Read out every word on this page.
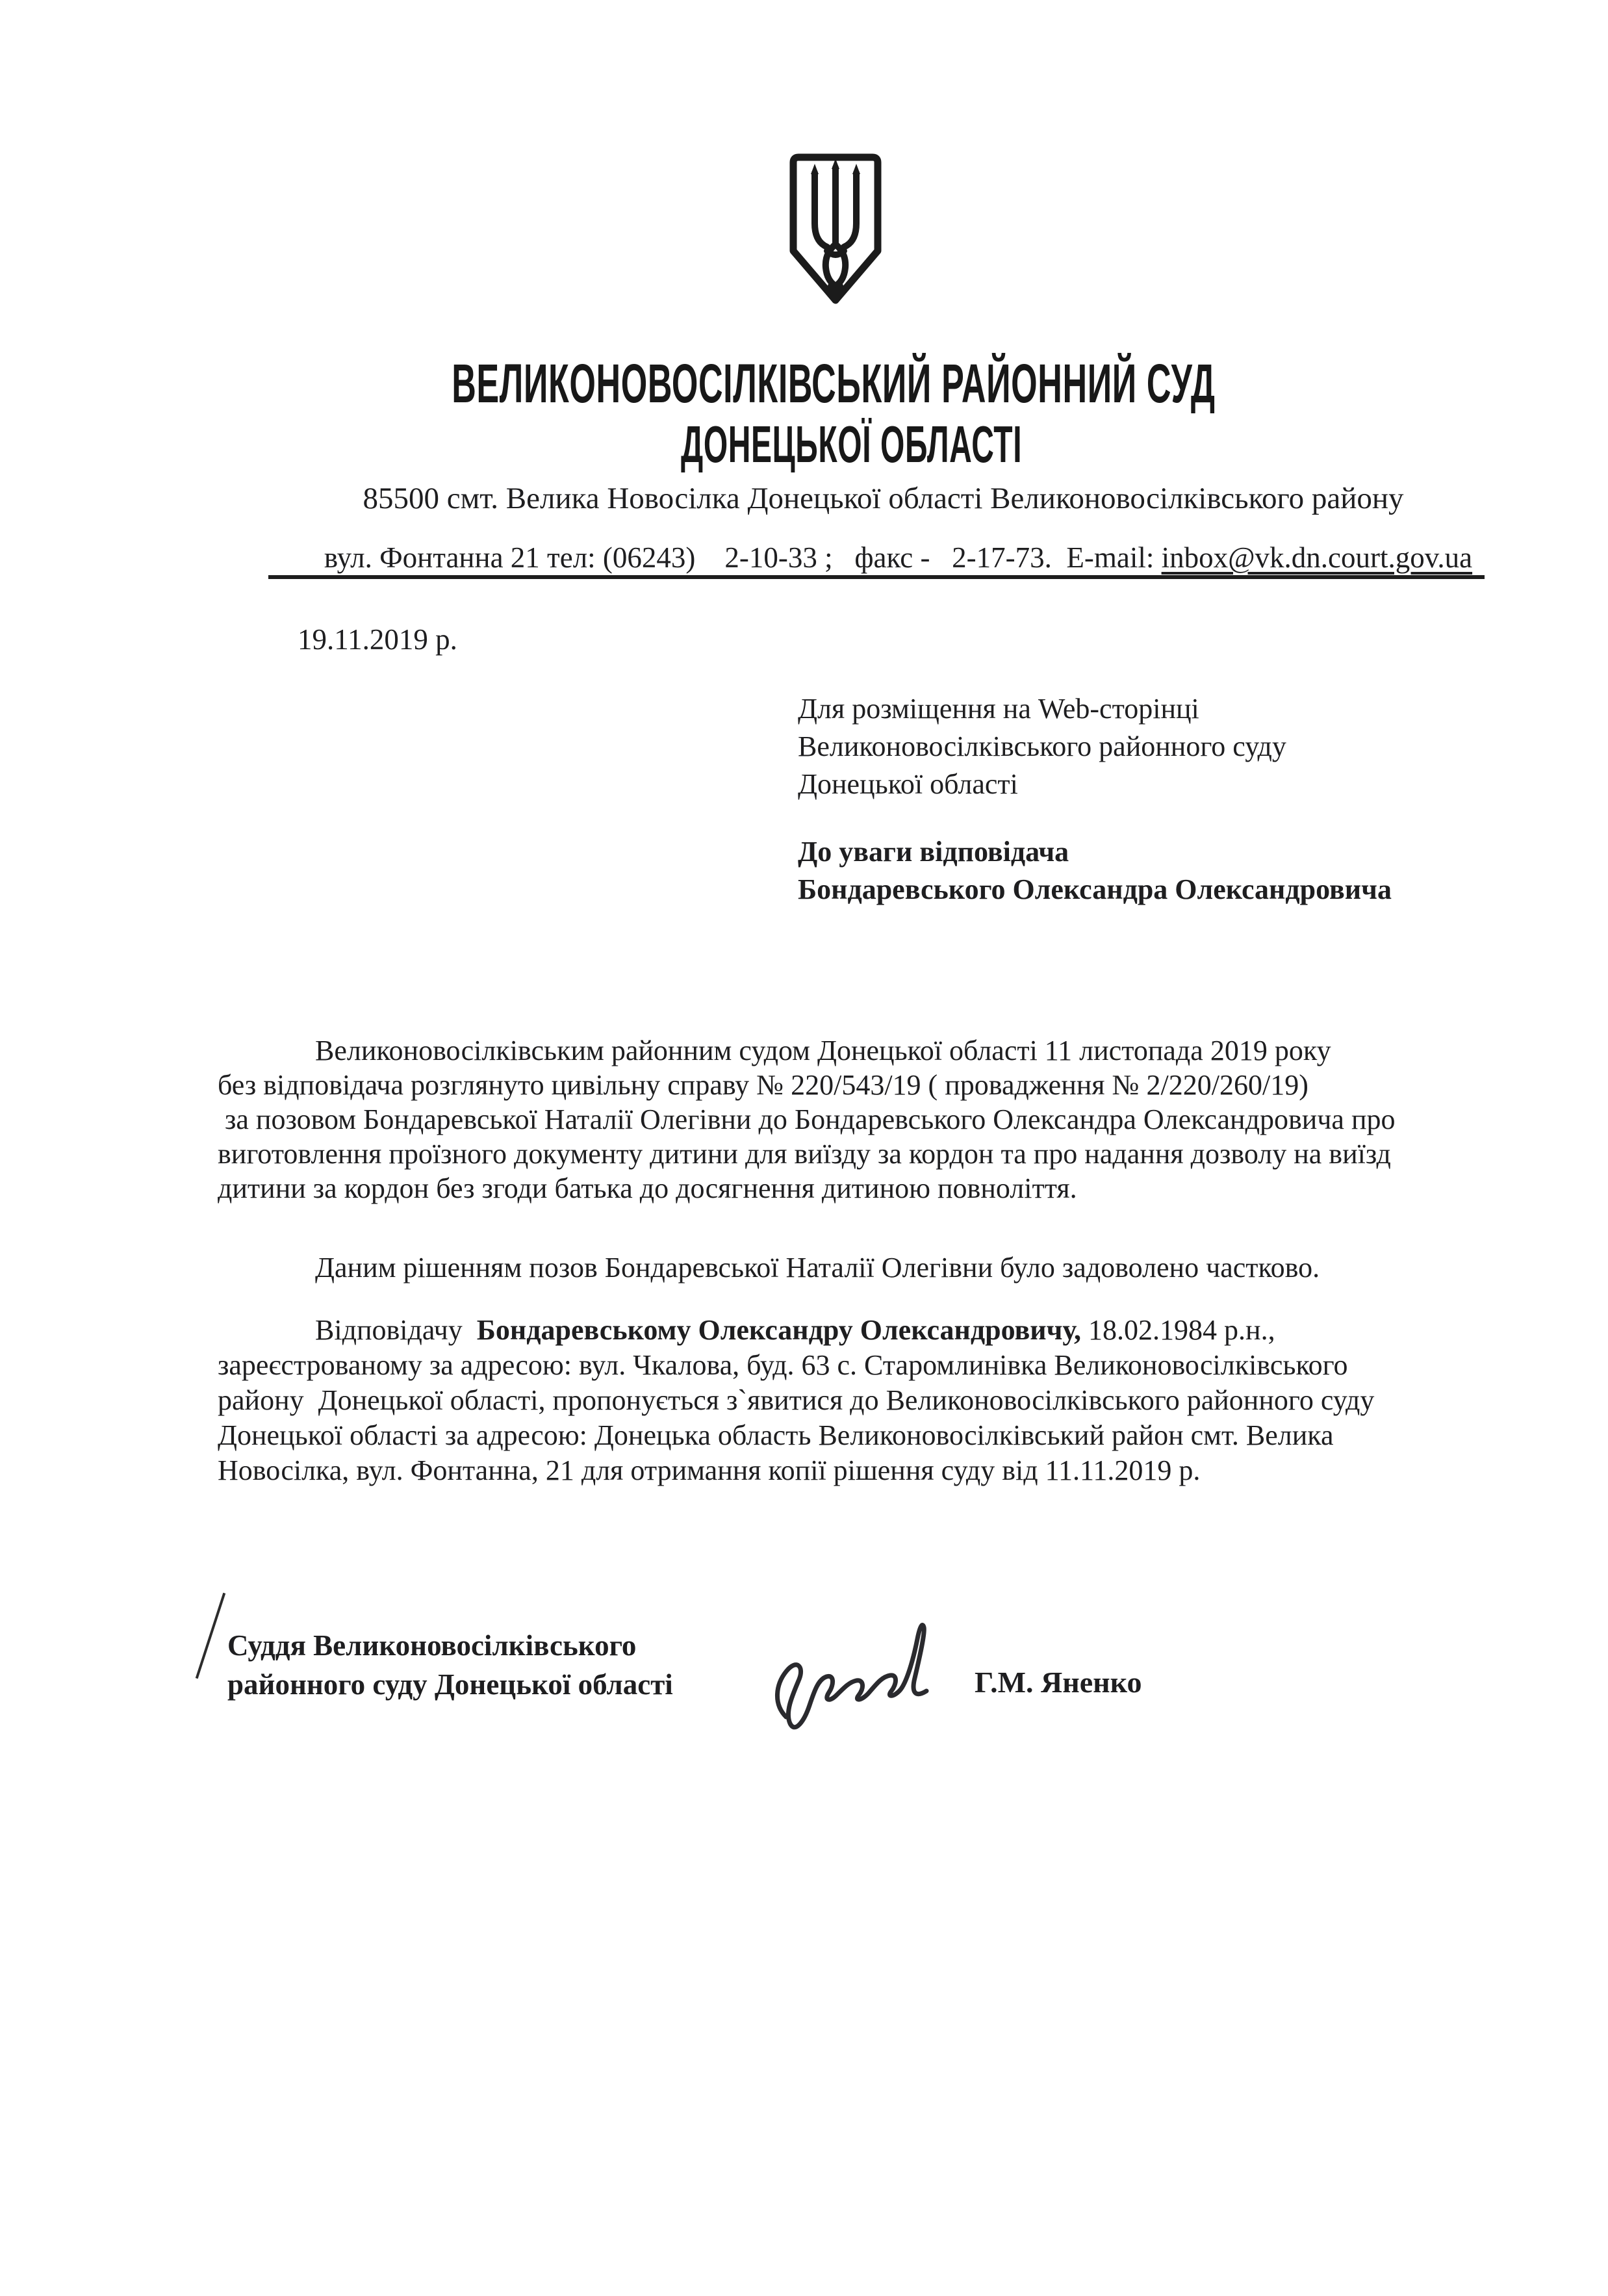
ВЕЛИКОНОВОСІЛКІВСЬКИЙ РАЙОННИЙ СУД
ДОНЕЦЬКОЇ ОБЛАСТІ
85500 смт. Велика Новосілка Донецької області Великоновосілківського району
вул. Фонтанна 21 тел: (06243)    2-10-33 ;   факс -   2-17-73.  E-mail: inbox@vk.dn.court.gov.ua
19.11.2019 р.
Для розміщення на Web-сторінці
Великоновосілківського районного суду
Донецької області
До уваги відповідача
Бондаревського Олександра Олександровича
Великоновосілківським районним судом Донецької області 11 листопада 2019 року
без відповідача розглянуто цивільну справу № 220/543/19 ( провадження № 2/220/260/19)
за позовом Бондаревської Наталії Олегівни до Бондаревського Олександра Олександровича про
виготовлення проїзного документу дитини для виїзду за кордон та про надання дозволу на виїзд
дитини за кордон без згоди батька до досягнення дитиною повноліття.
Даним рішенням позов Бондаревської Наталії Олегівни було задоволено частково.
Відповідачу  Бондаревському Олександру Олександровичу, 18.02.1984 р.н.,
зареєстрованому за адресою: вул. Чкалова, буд. 63 с. Старомлинівка Великоновосілківського
району  Донецької області, пропонується з`явитися до Великоновосілківського районного суду
Донецької області за адресою: Донецька область Великоновосілківський район смт. Велика
Новосілка, вул. Фонтанна, 21 для отримання копії рішення суду від 11.11.2019 р.
Суддя Великоновосілківського
районного суду Донецької області	Г.М. Яненко
